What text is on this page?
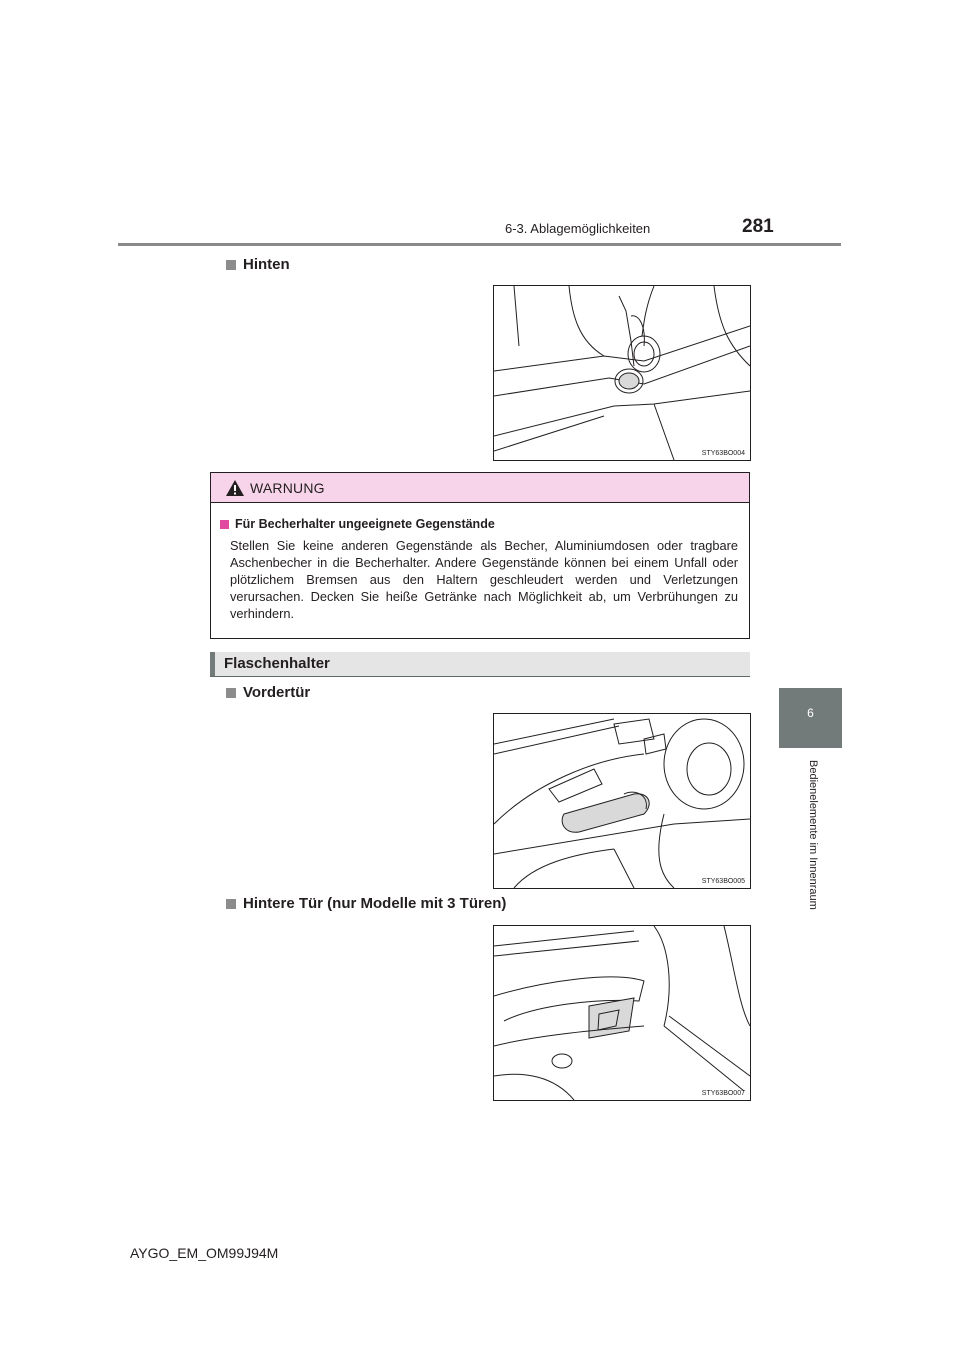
6-3. Ablagemöglichkeiten	281
6
Bedienelemente im Innenraum
Hinten
STY63BO004
WARNUNG
Für Becherhalter ungeeignete Gegenstände
Stellen Sie keine anderen Gegenstände als Becher, Aluminiumdosen oder tragbare Aschenbecher in die Becherhalter. Andere Gegenstände können bei einem Unfall oder plötzlichem Bremsen aus den Haltern geschleudert werden und Verletzungen verursachen. Decken Sie heiße Getränke nach Möglichkeit ab, um Verbrühungen zu verhindern.
Flaschenhalter
Vordertür
STY63BO005
Hintere Tür (nur Modelle mit 3 Türen)
STY63BO007
AYGO_EM_OM99J94M
